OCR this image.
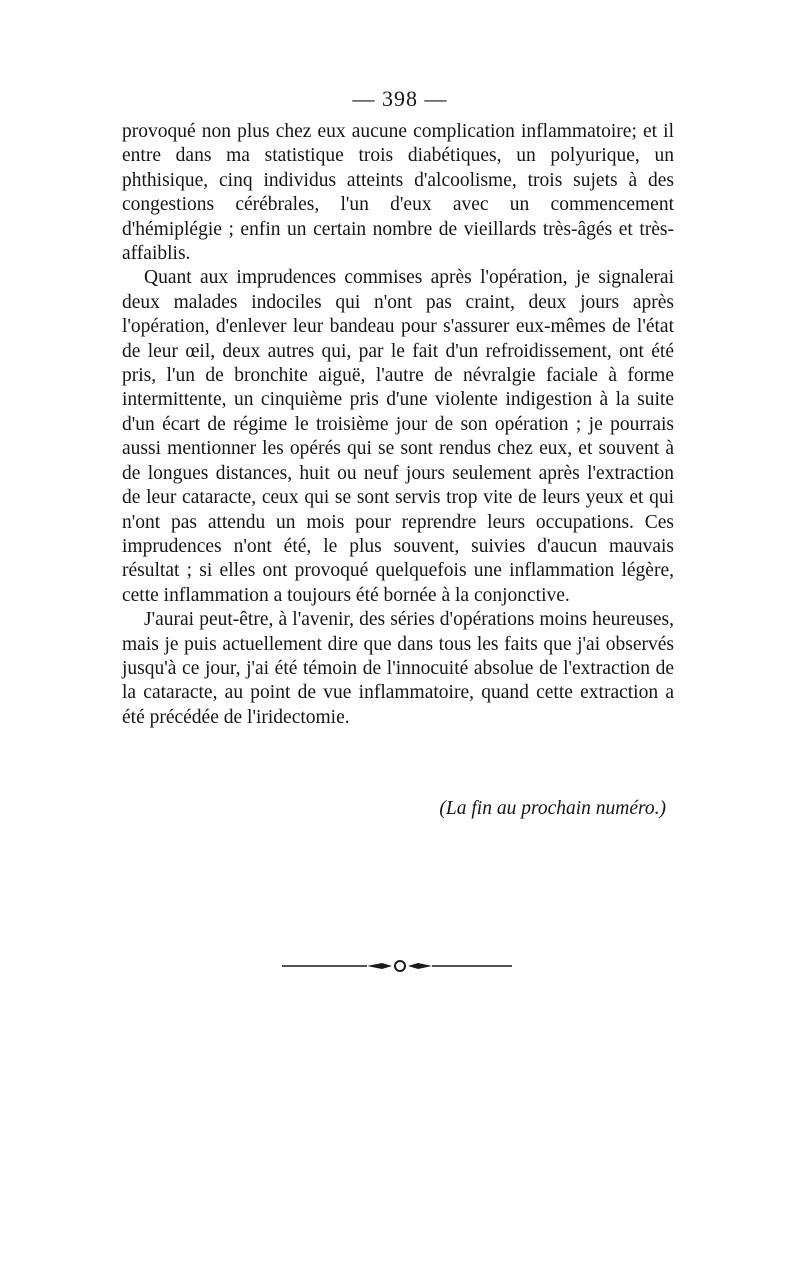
— 398 —

provoqué non plus chez eux aucune complication inflammatoire; et il entre dans ma statistique trois diabétiques, un polyurique, un phthisique, cinq individus atteints d'alcoolisme, trois sujets à des congestions cérébrales, l'un d'eux avec un commencement d'hémiplégie ; enfin un certain nombre de vieillards très-âgés et très-affaiblis.

Quant aux imprudences commises après l'opération, je signalerai deux malades indociles qui n'ont pas craint, deux jours après l'opération, d'enlever leur bandeau pour s'assurer eux-mêmes de l'état de leur œil, deux autres qui, par le fait d'un refroidissement, ont été pris, l'un de bronchite aiguë, l'autre de névralgie faciale à forme intermittente, un cinquième pris d'une violente indigestion à la suite d'un écart de régime le troisième jour de son opération ; je pourrais aussi mentionner les opérés qui se sont rendus chez eux, et souvent à de longues distances, huit ou neuf jours seulement après l'extraction de leur cataracte, ceux qui se sont servis trop vite de leurs yeux et qui n'ont pas attendu un mois pour reprendre leurs occupations. Ces imprudences n'ont été, le plus souvent, suivies d'aucun mauvais résultat ; si elles ont provoqué quelquefois une inflammation légère, cette inflammation a toujours été bornée à la conjonctive.

J'aurai peut-être, à l'avenir, des séries d'opérations moins heureuses, mais je puis actuellement dire que dans tous les faits que j'ai observés jusqu'à ce jour, j'ai été témoin de l'innocuité absolue de l'extraction de la cataracte, au point de vue inflammatoire, quand cette extraction a été précédée de l'iridectomie.

(La fin au prochain numéro.)
